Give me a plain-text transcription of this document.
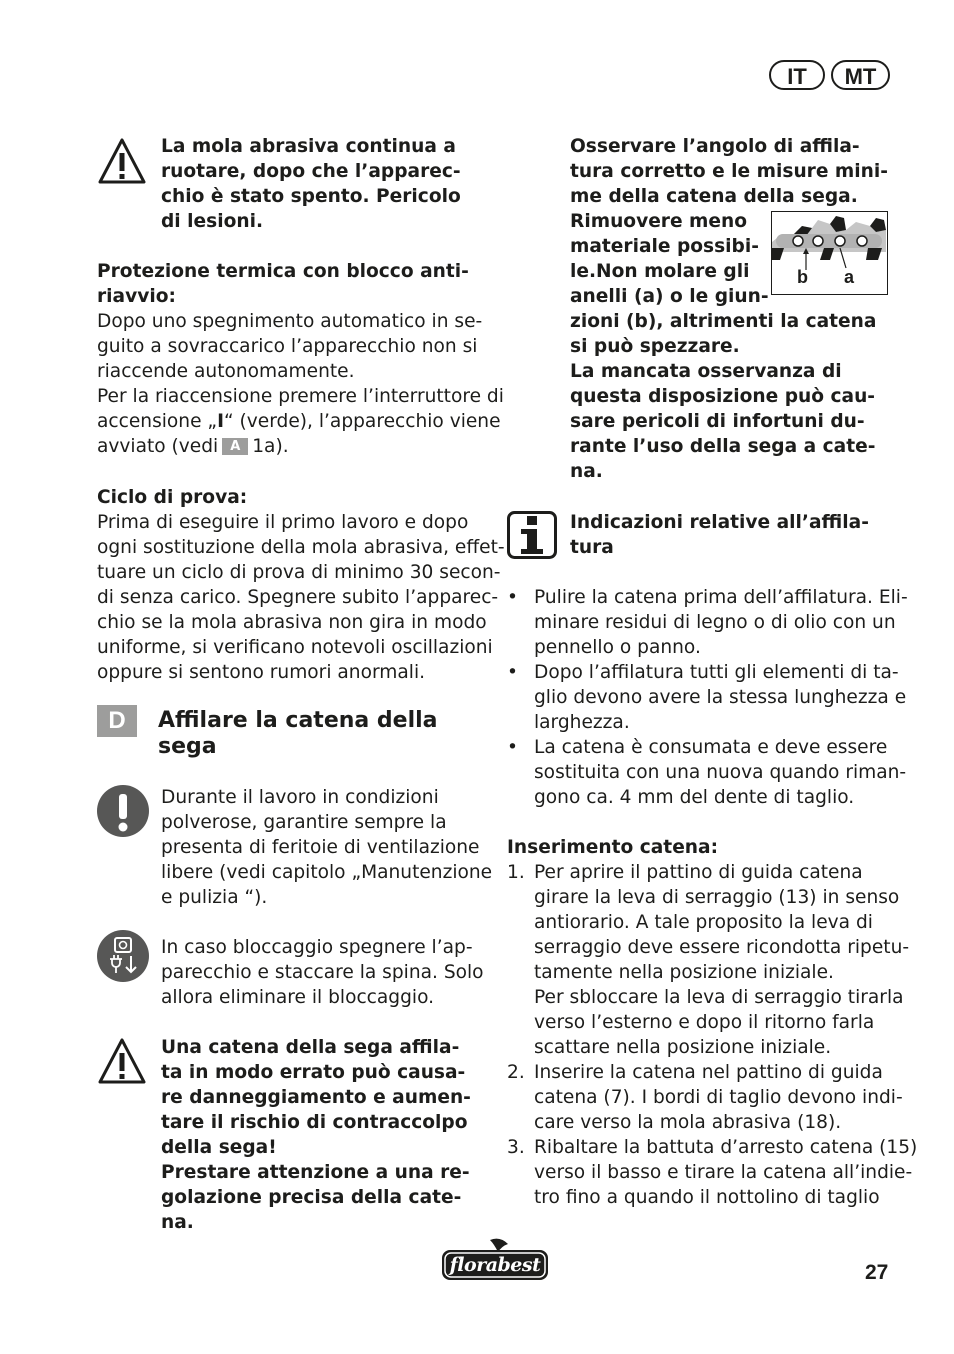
IT	MT
La mola abrasiva continua a
ruotare, dopo che l’apparec-
chio è stato spento. Pericolo
di lesioni.
Protezione termica con blocco anti-
riavvio:
Dopo uno spegnimento automatico in se-
guito a sovraccarico l’apparecchio non si
riaccende autonomamente.
Per la riaccensione premere l’interruttore di
accensione „I“ (verde), l’apparecchio viene
avviato (vedi A 1a).
Ciclo di prova:
Prima di eseguire il primo lavoro e dopo
ogni sostituzione della mola abrasiva, effet-
tuare un ciclo di prova di minimo 30 secon-
di senza carico. Spegnere subito l’apparec-
chio se la mola abrasiva non gira in modo
uniforme, si verificano notevoli oscillazioni
oppure si sentono rumori anormali.
D	Affilare la catena della
sega
Durante il lavoro in condizioni
polverose, garantire sempre la
presenta di feritoie di ventilazione
libere (vedi capitolo „Manutenzione
e pulizia “).
In caso bloccaggio spegnere l’ap-
parecchio e staccare la spina. Solo
allora eliminare il bloccaggio.
Una catena della sega affila-
ta in modo errato può causa-
re danneggiamento e aumen-
tare il rischio di contraccolpo
della sega!
Prestare attenzione a una re-
golazione precisa della cate-
na.
Osservare l’angolo di affila-
tura corretto e le misure mini-
me della catena della sega.
Rimuovere meno
materiale possibi-
le.Non molare gli
anelli (a) o le giun-
zioni (b), altrimenti la catena
si può spezzare.
La mancata osservanza di
questa disposizione può cau-
sare pericoli di infortuni du-
rante l’uso della sega a cate-
na.
b a
Indicazioni relative all’affila-
tura
• Pulire la catena prima dell’affilatura. Eli-
minare residui di legno o di olio con un
pennello o panno.
• Dopo l’affilatura tutti gli elementi di ta-
glio devono avere la stessa lunghezza e
larghezza.
• La catena è consumata e deve essere
sostituita con una nuova quando riman-
gono ca. 4 mm del dente di taglio.
Inserimento catena:
1. Per aprire il pattino di guida catena
girare la leva di serraggio (13) in senso
antiorario. A tale proposito la leva di
serraggio deve essere ricondotta ripetu-
tamente nella posizione iniziale.
Per sbloccare la leva di serraggio tirarla
verso l’esterno e dopo il ritorno farla
scattare nella posizione iniziale.
2. Inserire la catena nel pattino di guida
catena (7). I bordi di taglio devono indi-
care verso la mola abrasiva (18).
3. Ribaltare la battuta d’arresto catena (15)
verso il basso e tirare la catena all’indie-
tro fino a quando il nottolino di taglio
florabest	27
